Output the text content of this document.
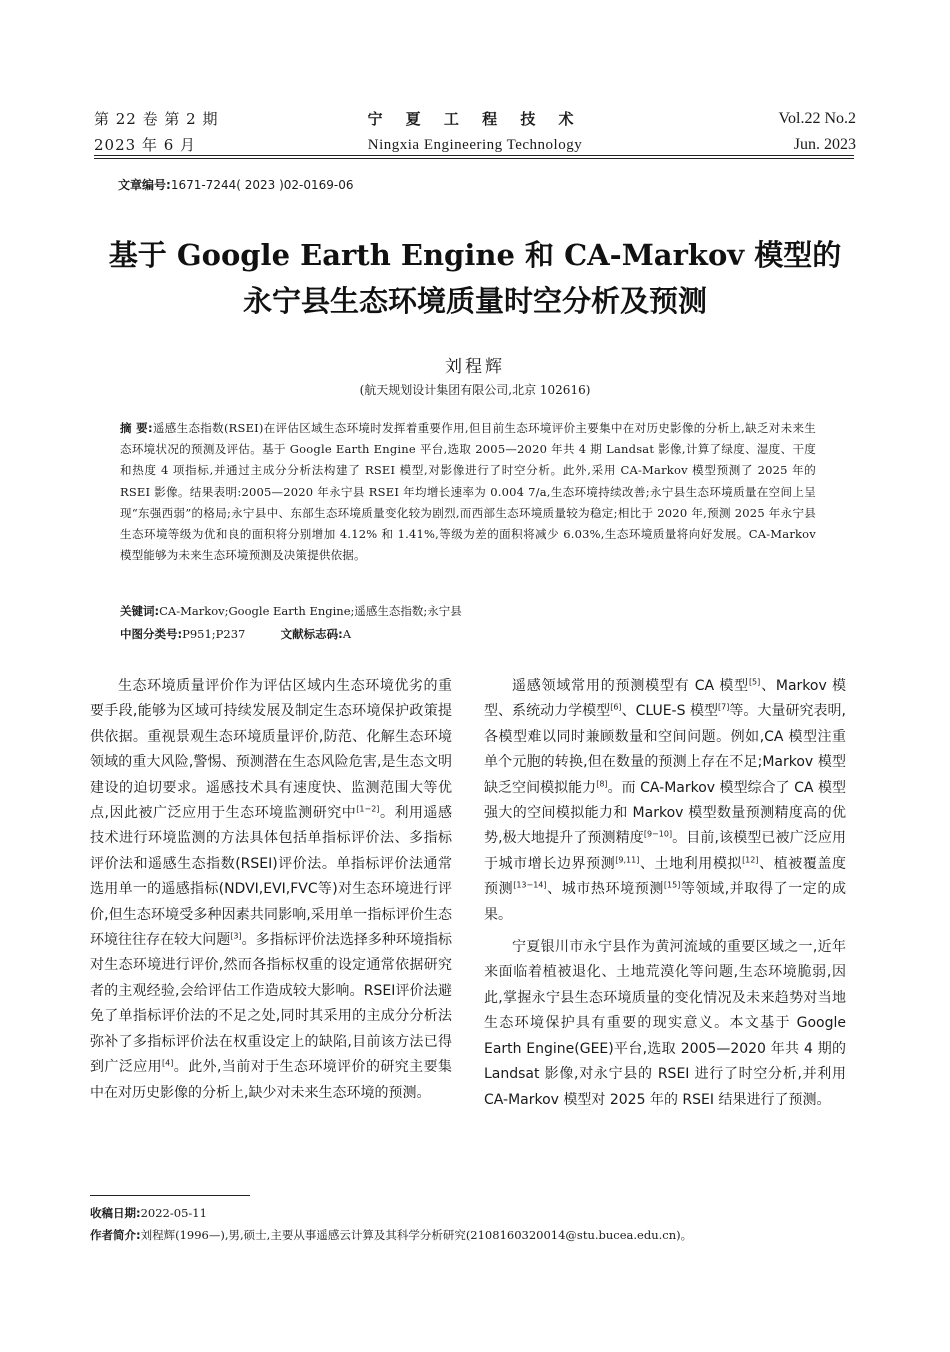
第 22 卷 第 2 期
2023 年 6 月
宁 夏 工 程 技 术
Ningxia Engineering Technology
Vol.22 No.2
Jun. 2023
文章编号:1671-7244( 2023 )02-0169-06
基于 Google Earth Engine 和 CA-Markov 模型的
永宁县生态环境质量时空分析及预测
刘程辉
(航天规划设计集团有限公司,北京 102616)
摘 要:遥感生态指数(RSEI)在评估区域生态环境时发挥着重要作用,但目前生态环境评价主要集中在对历史影像的分析上,缺乏对未来生态环境状况的预测及评估。基于 Google Earth Engine 平台,选取 2005—2020 年共 4 期 Landsat 影像,计算了绿度、湿度、干度和热度 4 项指标,并通过主成分分析法构建了 RSEI 模型,对影像进行了时空分析。此外,采用 CA-Markov 模型预测了 2025 年的 RSEI 影像。结果表明:2005—2020 年永宁县 RSEI 年均增长速率为 0.004 7/a,生态环境持续改善;永宁县生态环境质量在空间上呈现“东强西弱”的格局;永宁县中、东部生态环境质量变化较为剧烈,而西部生态环境质量较为稳定;相比于 2020 年,预测 2025 年永宁县生态环境等级为优和良的面积将分别增加 4.12% 和 1.41%,等级为差的面积将减少 6.03%,生态环境质量将向好发展。CA-Markov 模型能够为未来生态环境预测及决策提供依据。
关键词:CA-Markov;Google Earth Engine;遥感生态指数;永宁县
中图分类号:P951;P237	文献标志码:A

生态环境质量评价作为评估区域内生态环境优劣的重要手段,能够为区域可持续发展及制定生态环境保护政策提供依据。重视景观生态环境质量评价,防范、化解生态环境领域的重大风险,警惕、预测潜在生态风险危害,是生态文明建设的迫切要求。遥感技术具有速度快、监测范围大等优点,因此被广泛应用于生态环境监测研究中[1−2]。利用遥感技术进行环境监测的方法具体包括单指标评价法、多指标评价法和遥感生态指数(RSEI)评价法。单指标评价法通常选用单一的遥感指标(NDVI,EVI,FVC等)对生态环境进行评价,但生态环境受多种因素共同影响,采用单一指标评价生态环境往往存在较大问题[3]。多指标评价法选择多种环境指标对生态环境进行评价,然而各指标权重的设定通常依据研究者的主观经验,会给评估工作造成较大影响。RSEI评价法避免了单指标评价法的不足之处,同时其采用的主成分分析法弥补了多指标评价法在权重设定上的缺陷,目前该方法已得到广泛应用[4]。此外,当前对于生态环境评价的研究主要集中在对历史影像的分析上,缺少对未来生态环境的预测。

遥感领域常用的预测模型有 CA 模型[5]、Markov 模型、系统动力学模型[6]、CLUE-S 模型[7]等。大量研究表明,各模型难以同时兼顾数量和空间问题。例如,CA 模型注重单个元胞的转换,但在数量的预测上存在不足;Markov 模型缺乏空间模拟能力[8]。而 CA-Markov 模型综合了 CA 模型强大的空间模拟能力和 Markov 模型数量预测精度高的优势,极大地提升了预测精度[9−10]。目前,该模型已被广泛应用于城市增长边界预测[9,11]、土地利用模拟[12]、植被覆盖度预测[13−14]、城市热环境预测[15]等领域,并取得了一定的成果。

宁夏银川市永宁县作为黄河流域的重要区域之一,近年来面临着植被退化、土地荒漠化等问题,生态环境脆弱,因此,掌握永宁县生态环境质量的变化情况及未来趋势对当地生态环境保护具有重要的现实意义。本文基于 Google Earth Engine(GEE)平台,选取 2005—2020 年共 4 期的 Landsat 影像,对永宁县的 RSEI 进行了时空分析,并利用 CA-Markov 模型对 2025 年的 RSEI 结果进行了预测。

收稿日期:2022-05-11
作者简介:刘程辉(1996—),男,硕士,主要从事遥感云计算及其科学分析研究(2108160320014@stu.bucea.edu.cn)。
